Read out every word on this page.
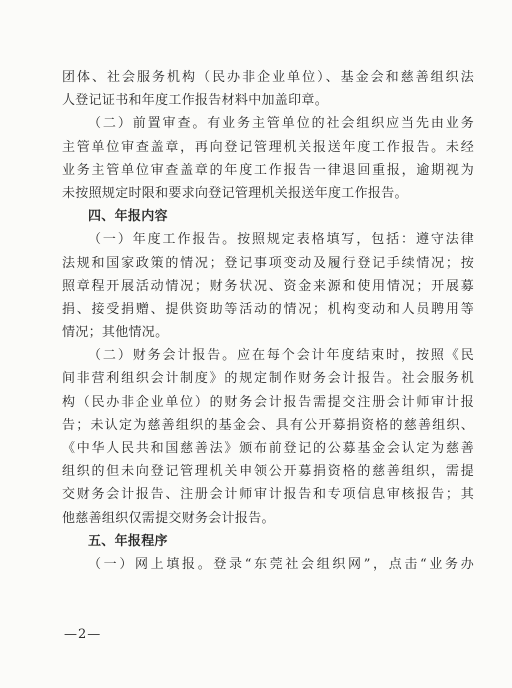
团体、社会服务机构（民办非企业单位）、基金会和慈善组织法
人登记证书和年度工作报告材料中加盖印章。
（二）前置审查。有业务主管单位的社会组织应当先由业务
主管单位审查盖章，再向登记管理机关报送年度工作报告。未经
业务主管单位审查盖章的年度工作报告一律退回重报，逾期视为
未按照规定时限和要求向登记管理机关报送年度工作报告。
四、年报内容
（一）年度工作报告。按照规定表格填写，包括：遵守法律
法规和国家政策的情况；登记事项变动及履行登记手续情况；按
照章程开展活动情况；财务状况、资金来源和使用情况；开展募
捐、接受捐赠、提供资助等活动的情况；机构变动和人员聘用等
情况；其他情况。
（二）财务会计报告。应在每个会计年度结束时，按照《民
间非营利组织会计制度》的规定制作财务会计报告。社会服务机
构（民办非企业单位）的财务会计报告需提交注册会计师审计报
告；未认定为慈善组织的基金会、具有公开募捐资格的慈善组织、
《中华人民共和国慈善法》颁布前登记的公募基金会认定为慈善
组织的但未向登记管理机关申领公开募捐资格的慈善组织，需提
交财务会计报告、注册会计师审计报告和专项信息审核报告；其
他慈善组织仅需提交财务会计报告。
五、年报程序
（一）网上填报。登录“东莞社会组织网”，点击“业务办
—2—
